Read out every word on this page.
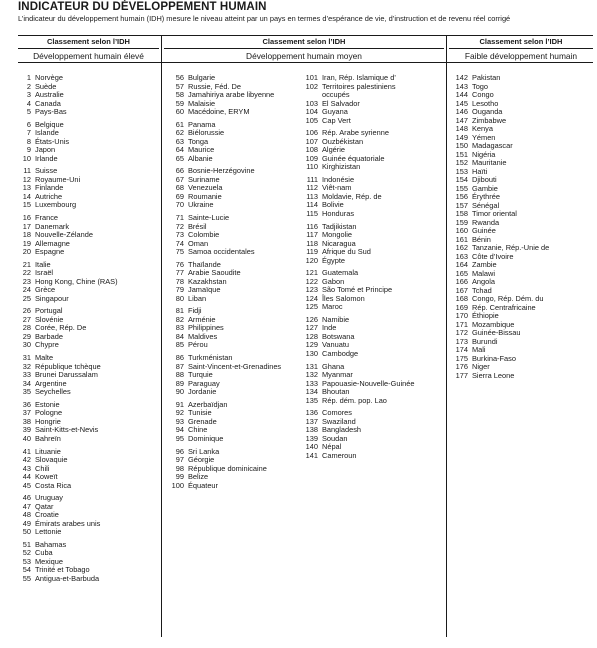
INDICATEUR DU DÉVELOPPEMENT HUMAIN
L’indicateur du développement humain (IDH) mesure le niveau atteint par un pays en termes d’espérance de vie, d’instruction et de revenu réel corrigé
Classement selon l’IDH	Classement selon l’IDH	Classement selon l’IDH
Développement humain élevé	Développement humain moyen	Faible développement humain
1 Norvège
2 Suède
3 Australie
4 Canada
5 Pays-Bas
6 Belgique
7 Islande
8 États-Unis
9 Japon
10 Irlande
11 Suisse
12 Royaume-Uni
13 Finlande
14 Autriche
15 Luxembourg
16 France
17 Danemark
18 Nouvelle-Zélande
19 Allemagne
20 Espagne
21 Italie
22 Israël
23 Hong Kong, Chine (RAS)
24 Grèce
25 Singapour
26 Portugal
27 Slovénie
28 Corée, Rép. De
29 Barbade
30 Chypre
31 Malte
32 République tchèque
33 Brunei Darussalam
34 Argentine
35 Seychelles
36 Estonie
37 Pologne
38 Hongrie
39 Saint-Kitts-et-Nevis
40 Bahreïn
41 Lituanie
42 Slovaquie
43 Chili
44 Koweït
45 Costa Rica
46 Uruguay
47 Qatar
48 Croatie
49 Émirats arabes unis
50 Lettonie
51 Bahamas
52 Cuba
53 Mexique
54 Trinité et Tobago
55 Antigua-et-Barbuda
56 Bulgarie
57 Russie, Féd. De
58 Jamahiriya arabe libyenne
59 Malaisie
60 Macédoine, ERYM
61 Panama
62 Biélorussie
63 Tonga
64 Maurice
65 Albanie
66 Bosnie-Herzégovine
67 Suriname
68 Venezuela
69 Roumanie
70 Ukraine
71 Sainte-Lucie
72 Brésil
73 Colombie
74 Oman
75 Samoa occidentales
76 Thaïlande
77 Arabie Saoudite
78 Kazakhstan
79 Jamaïque
80 Liban
81 Fidji
82 Arménie
83 Philippines
84 Maldives
85 Pérou
86 Turkménistan
87 Saint-Vincent-et-Grenadines
88 Turquie
89 Paraguay
90 Jordanie
91 Azerbaïdjan
92 Tunisie
93 Grenade
94 Chine
95 Dominique
96 Sri Lanka
97 Géorgie
98 République dominicaine
99 Belize
100 Équateur
101 Iran, Rép. Islamique d’
102 Territoires palestiniens
occupés
103 El Salvador
104 Guyana
105 Cap Vert
106 Rép. Arabe syrienne
107 Ouzbékistan
108 Algérie
109 Guinée équatoriale
110 Kirghizistan
111 Indonésie
112 Viêt-nam
113 Moldavie, Rép. de
114 Bolivie
115 Honduras
116 Tadjikistan
117 Mongolie
118 Nicaragua
119 Afrique du Sud
120 Égypte
121 Guatemala
122 Gabon
123 São Tomé et Principe
124 Îles Salomon
125 Maroc
126 Namibie
127 Inde
128 Botswana
129 Vanuatu
130 Cambodge
131 Ghana
132 Myanmar
133 Papouasie-Nouvelle-Guinée
134 Bhoutan
135 Rép. dém. pop. Lao
136 Comores
137 Swaziland
138 Bangladesh
139 Soudan
140 Népal
141 Cameroun
142 Pakistan
143 Togo
144 Congo
145 Lesotho
146 Ouganda
147 Zimbabwe
148 Kenya
149 Yémen
150 Madagascar
151 Nigéria
152 Mauritanie
153 Haïti
154 Djibouti
155 Gambie
156 Érythrée
157 Sénégal
158 Timor oriental
159 Rwanda
160 Guinée
161 Bénin
162 Tanzanie, Rép.-Unie de
163 Côte d’Ivoire
164 Zambie
165 Malawi
166 Angola
167 Tchad
168 Congo, Rép. Dém. du
169 Rép. Centrafricaine
170 Éthiopie
171 Mozambique
172 Guinée-Bissau
173 Burundi
174 Mali
175 Burkina-Faso
176 Niger
177 Sierra Leone
